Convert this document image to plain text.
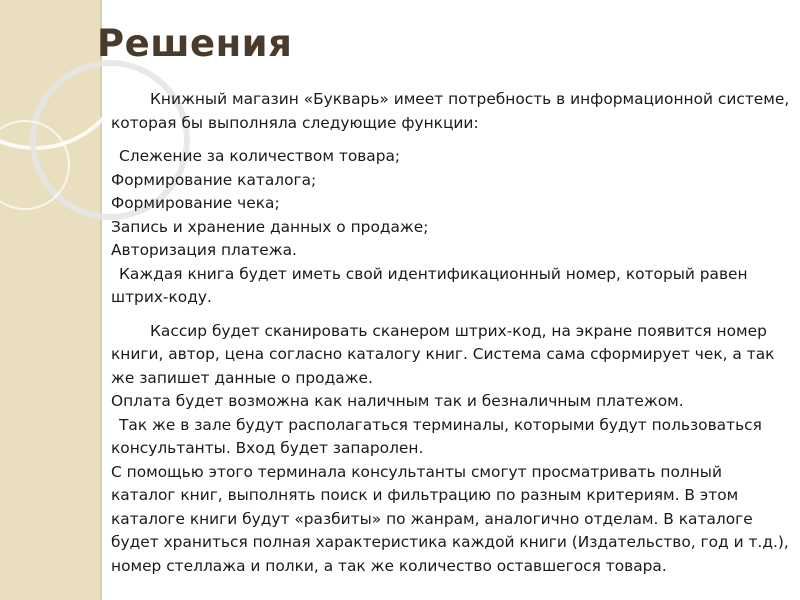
Решения

Книжный магазин «Букварь» имеет потребность в информационной системе, которая бы выполняла следующие функции:

Слежение за количеством товара;

Формирование каталога;

Формирование чека;

Запись и хранение данных о продаже;

Авторизация платежа.

Каждая книга будет иметь свой идентификационный номер, который равен штрих-коду.

Кассир будет сканировать сканером штрих-код, на экране появится номер книги, автор, цена согласно каталогу книг. Система сама сформирует чек, а так же запишет данные о продаже.

Оплата будет возможна как наличным так и безналичным платежом.

Так же в зале будут располагаться терминалы, которыми будут пользоваться консультанты. Вход будет запаролен.

С помощью этого терминала консультанты смогут просматривать полный каталог книг, выполнять поиск и фильтрацию по разным критериям. В этом каталоге книги будут «разбиты» по жанрам, аналогично отделам. В каталоге будет храниться полная характеристика каждой книги (Издательство, год и т.д.), номер стеллажа и полки, а так же количество оставшегося товара.
